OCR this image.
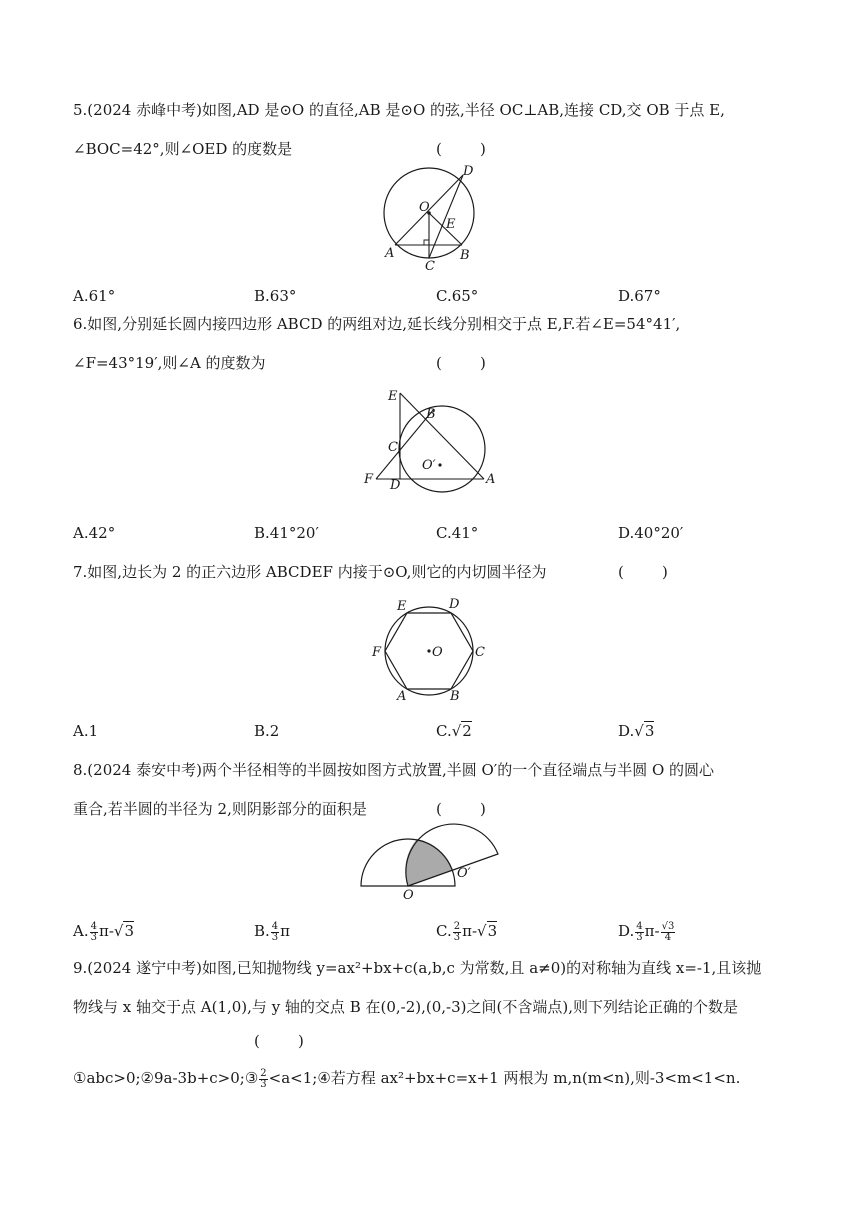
5.(2024 赤峰中考)如图,AD 是⊙O 的直径,AB 是⊙O 的弦,半径 OC⊥AB,连接 CD,交 OB 于点 E,
∠BOC=42°,则∠OED 的度数是	(        )
O
D
E
A
C
B
A.61°	B.63°	C.65°	D.67°
6.如图,分别延长圆内接四边形 ABCD 的两组对边,延长线分别相交于点 E,F.若∠E=54°41′,
∠F=43°19′,则∠A 的度数为	(        )
E
B
C
O′
F D	A
A.42°	B.41°20′	C.41°	D.40°20′
7.如图,边长为 2 的正六边形 ABCDEF 内接于⊙O,则它的内切圆半径为	(        )
E	D
F	O C
A	B
A.1	B.2	C.√2	D.√3
8.(2024 泰安中考)两个半径相等的半圆按如图方式放置,半圆 O′的一个直径端点与半圆 O 的圆心
重合,若半圆的半径为 2,则阴影部分的面积是	(        )
O
O′
A. $\frac{4}{3} \pi-√3$	B. $\frac{4}{3}$ π	C. $\frac{2}{3} \pi-√3$	D. $\frac{4}{3} \pi- \frac{√3}{4}$
9.(2024 遂宁中考)如图,已知抛物线 y=ax²+bx+c(a,b,c 为常数,且 a≠0)的对称轴为直线 x=-1,且该抛
物线与 x 轴交于点 A(1,0),与 y 轴的交点 B 在(0,-2),(0,-3)之间(不含端点),则下列结论正确的个数是
(        )
①abc>0;②9a-3b+c>0;③ $\frac{2}{3}$ <a<1;④若方程 ax²+bx+c=x+1 两根为 m,n(m<n),则-3<m<1<n.
